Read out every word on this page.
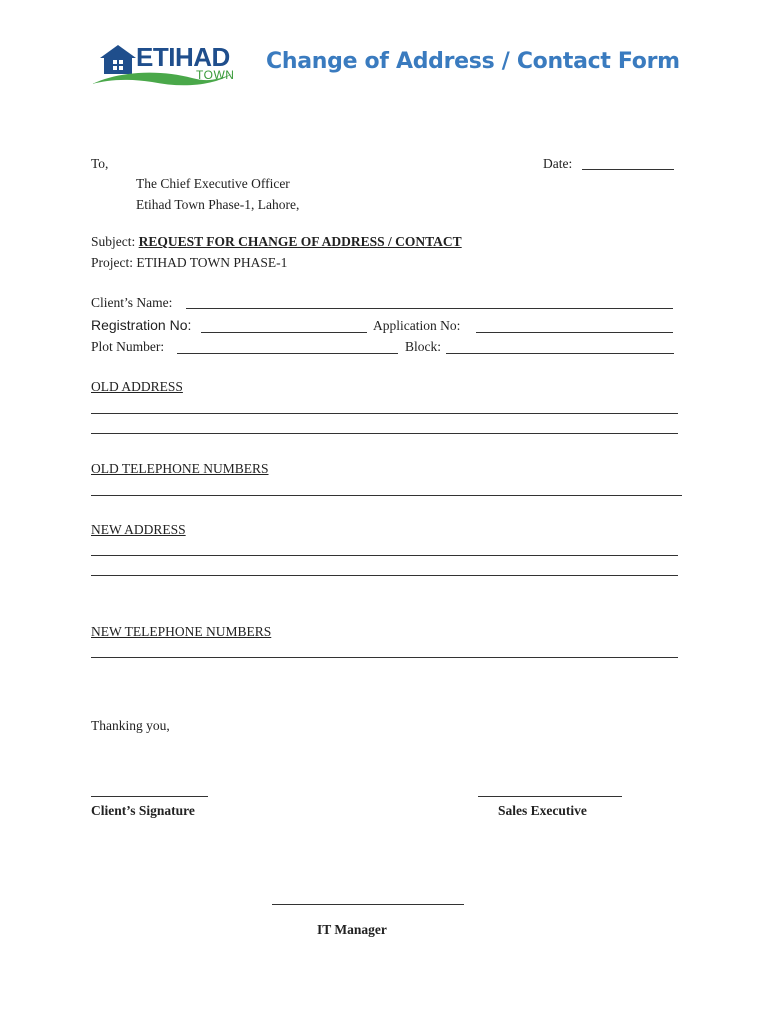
ETIHAD
TOWN
Change of Address / Contact Form
To,	Date:
The Chief Executive Officer
Etihad Town Phase-1, Lahore,
Subject: REQUEST FOR CHANGE OF ADDRESS / CONTACT
Project: ETIHAD TOWN PHASE-1
Client’s Name:
Registration No:	Application No:
Plot Number:	Block:
OLD ADDRESS
OLD TELEPHONE NUMBERS
NEW ADDRESS
NEW TELEPHONE NUMBERS
Thanking you,
Client’s Signature	Sales Executive
IT Manager
